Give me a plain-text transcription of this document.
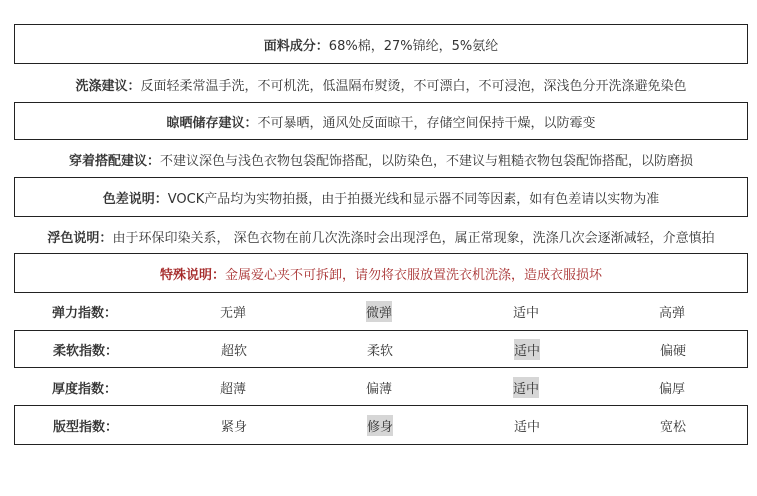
面料成分： 68%棉，27%锦纶，5%氨纶
洗涤建议： 反面轻柔常温手洗，不可机洗，低温隔布熨烫，不可漂白，不可浸泡，深浅色分开洗涤避免染色
晾晒储存建议： 不可暴晒，通风处反面晾干，存储空间保持干燥，以防霉变
穿着搭配建议： 不建议深色与浅色衣物包袋配饰搭配，以防染色，不建议与粗糙衣物包袋配饰搭配，以防磨损
色差说明： VOCK产品均为实物拍摄，由于拍摄光线和显示器不同等因素，如有色差请以实物为准
浮色说明： 由于环保印染关系， 深色衣物在前几次洗涤时会出现浮色，属正常现象，洗涤几次会逐渐减轻，介意慎拍
特殊说明： 金属爱心夹不可拆卸，请勿将衣服放置洗衣机洗涤，造成衣服损坏
弹力指数：	无弹	微弹	适中	高弹
柔软指数：	超软	柔软	适中	偏硬
厚度指数：	超薄	偏薄	适中	偏厚
版型指数：	紧身	修身	适中	宽松
